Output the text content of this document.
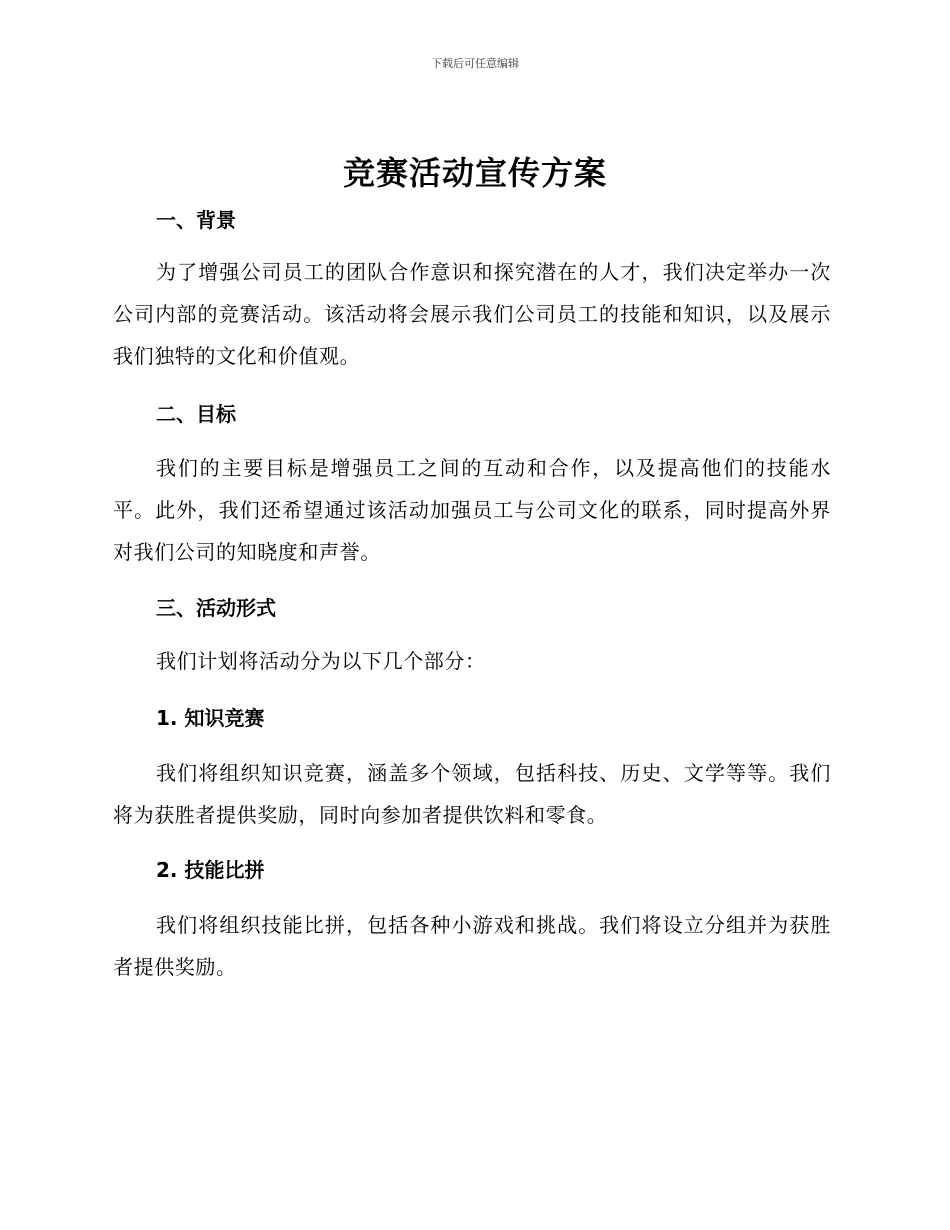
下载后可任意编辑
竞赛活动宣传方案
一、背景
为了增强公司员工的团队合作意识和探究潜在的人才，我们决定举办一次公司内部的竞赛活动。该活动将会展示我们公司员工的技能和知识，以及展示我们独特的文化和价值观。
二、目标
我们的主要目标是增强员工之间的互动和合作，以及提高他们的技能水平。此外，我们还希望通过该活动加强员工与公司文化的联系，同时提高外界对我们公司的知晓度和声誉。
三、活动形式
我们计划将活动分为以下几个部分：
1. 知识竞赛
我们将组织知识竞赛，涵盖多个领域，包括科技、历史、文学等等。我们将为获胜者提供奖励，同时向参加者提供饮料和零食。
2. 技能比拼
我们将组织技能比拼，包括各种小游戏和挑战。我们将设立分组并为获胜者提供奖励。
